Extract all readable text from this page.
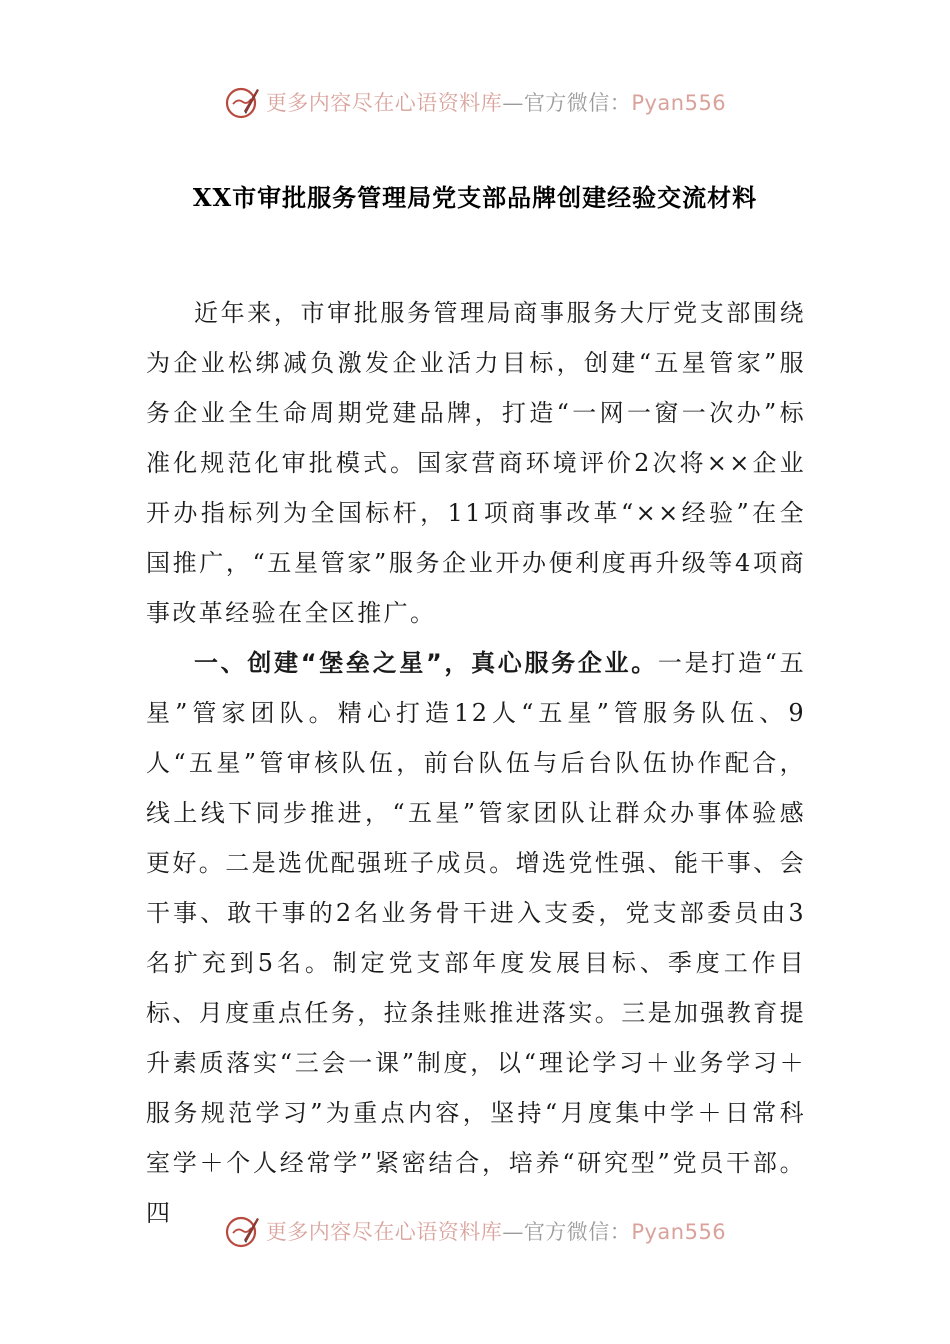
更多内容尽在心语资料库—官方微信：Pyan556
XX市审批服务管理局党支部品牌创建经验交流材料

近年来，市审批服务管理局商事服务大厅党支部围绕为企业松绑减负激发企业活力目标，创建“五星管家”服务企业全生命周期党建品牌，打造“一网一窗一次办”标准化规范化审批模式。国家营商环境评价2次将××企业开办指标列为全国标杆，11项商事改革“××经验”在全国推广，“五星管家”服务企业开办便利度再升级等4项商事改革经验在全区推广。

一、创建“堡垒之星”，真心服务企业。一是打造“五星”管家团队。精心打造12人“五星”管服务队伍、9人“五星”管审核队伍，前台队伍与后台队伍协作配合，线上线下同步推进，“五星”管家团队让群众办事体验感更好。二是选优配强班子成员。增选党性强、能干事、会干事、敢干事的2名业务骨干进入支委，党支部委员由3名扩充到5名。制定党支部年度发展目标、季度工作目标、月度重点任务，拉条挂账推进落实。三是加强教育提升素质落实“三会一课”制度，以“理论学习＋业务学习＋服务规范学习”为重点内容，坚持“月度集中学＋日常科室学＋个人经常学”紧密结合，培养“研究型”党员干部。四

更多内容尽在心语资料库—官方微信：Pyan556
